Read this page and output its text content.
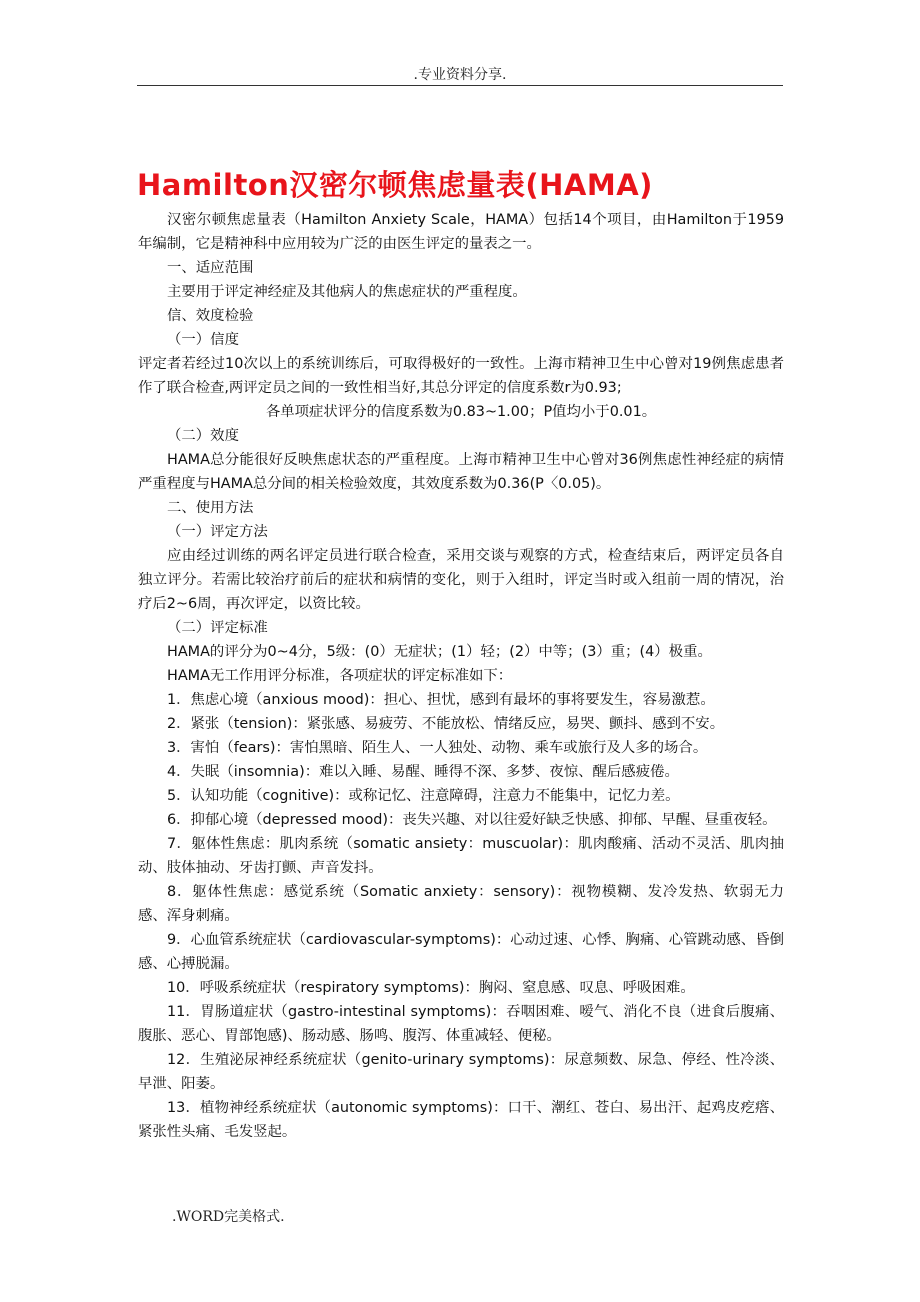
.专业资料分享.
Hamilton汉密尔顿焦虑量表(HAMA)

汉密尔顿焦虑量表（Hamilton Anxiety Scale，HAMA）包括14个项目，由Hamilton于1959年编制，它是精神科中应用较为广泛的由医生评定的量表之一。

一、适应范围

主要用于评定神经症及其他病人的焦虑症状的严重程度。

信、效度检验

（一）信度

评定者若经过10次以上的系统训练后，可取得极好的一致性。上海市精神卫生中心曾对19例焦虑患者作了联合检查,两评定员之间的一致性相当好,其总分评定的信度系数r为0.93;

各单项症状评分的信度系数为0.83~1.00；P值均小于0.01。

（二）效度

HAMA总分能很好反映焦虑状态的严重程度。上海市精神卫生中心曾对36例焦虑性神经症的病情严重程度与HAMA总分间的相关检验效度，其效度系数为0.36(P〈0.05)。

二、使用方法

（一）评定方法

应由经过训练的两名评定员进行联合检查，采用交谈与观察的方式，检查结束后，两评定员各自独立评分。若需比较治疗前后的症状和病情的变化，则于入组时，评定当时或入组前一周的情况，治疗后2~6周，再次评定，以资比较。

（二）评定标准

HAMA的评分为0~4分，5级：(0）无症状；(1）轻；(2）中等；(3）重；(4）极重。

HAMA无工作用评分标准，各项症状的评定标准如下：

1．焦虑心境（anxious mood)：担心、担忧，感到有最坏的事将要发生，容易激惹。

2．紧张（tension)：紧张感、易疲劳、不能放松、情绪反应，易哭、颤抖、感到不安。

3．害怕（fears)：害怕黑暗、陌生人、一人独处、动物、乘车或旅行及人多的场合。

4．失眠（insomnia)：难以入睡、易醒、睡得不深、多梦、夜惊、醒后感疲倦。

5．认知功能（cognitive)：或称记忆、注意障碍，注意力不能集中，记忆力差。

6．抑郁心境（depressed mood)：丧失兴趣、对以往爱好缺乏快感、抑郁、早醒、昼重夜轻。

7．躯体性焦虑：肌肉系统（somatic ansiety：muscuolar)：肌肉酸痛、活动不灵活、肌肉抽动、肢体抽动、牙齿打颤、声音发抖。

8．躯体性焦虑：感觉系统（Somatic anxiety：sensory)：视物模糊、发冷发热、软弱无力感、浑身刺痛。

9．心血管系统症状（cardiovascular-symptoms)：心动过速、心悸、胸痛、心管跳动感、昏倒感、心搏脱漏。

10．呼吸系统症状（respiratory symptoms)：胸闷、窒息感、叹息、呼吸困难。

11．胃肠道症状（gastro-intestinal symptoms)：吞咽困难、嗳气、消化不良（进食后腹痛、腹胀、恶心、胃部饱感)、肠动感、肠鸣、腹泻、体重减轻、便秘。

12．生殖泌尿神经系统症状（genito-urinary symptoms)：尿意频数、尿急、停经、性冷淡、早泄、阳萎。

13．植物神经系统症状（autonomic symptoms)：口干、潮红、苍白、易出汗、起鸡皮疙瘩、紧张性头痛、毛发竖起。

.WORD完美格式.
